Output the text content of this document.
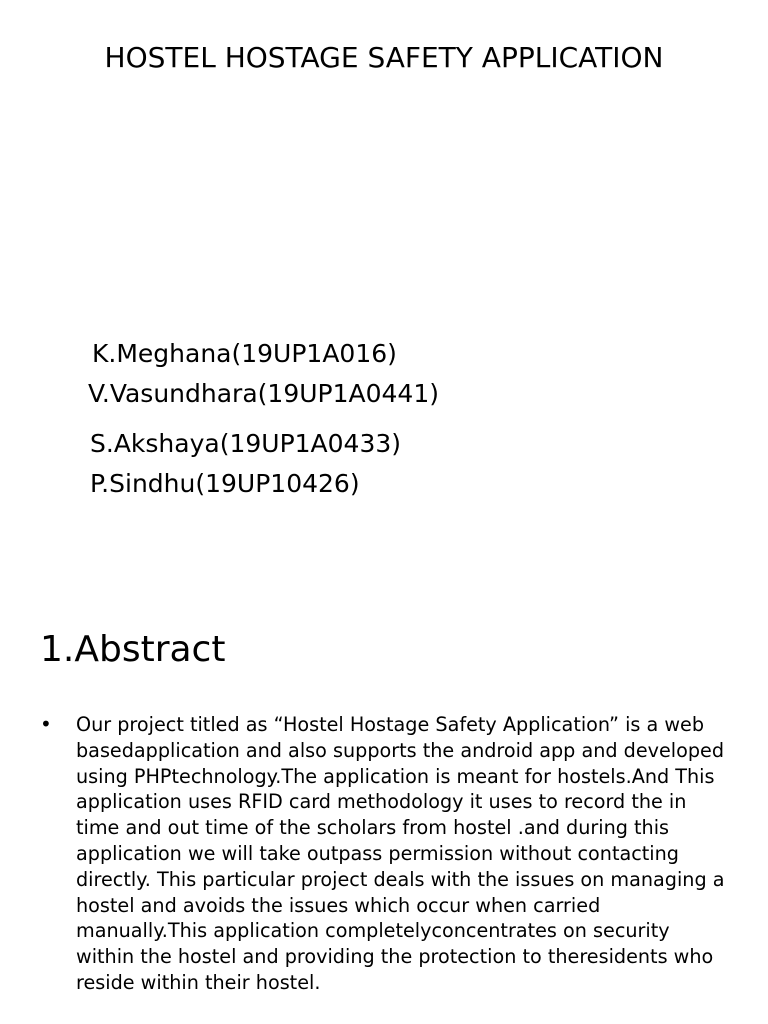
HOSTEL HOSTAGE SAFETY APPLICATION
K.Meghana(19UP1A016)
V.Vasundhara(19UP1A0441)
S.Akshaya(19UP1A0433)
P.Sindhu(19UP10426)
1.Abstract
•	Our project titled as “Hostel Hostage Safety Application” is a web basedapplication and also supports the android app and developed using PHPtechnology.The application is meant for hostels.And This application uses RFID card methodology it uses to record the in time and out time of the scholars from hostel .and during this application we will take outpass permission without contacting directly. This particular project deals with the issues on managing a hostel and avoids the issues which occur when carried manually.This application completelyconcentrates on security within the hostel and providing the protection to theresidents who reside within their hostel.
